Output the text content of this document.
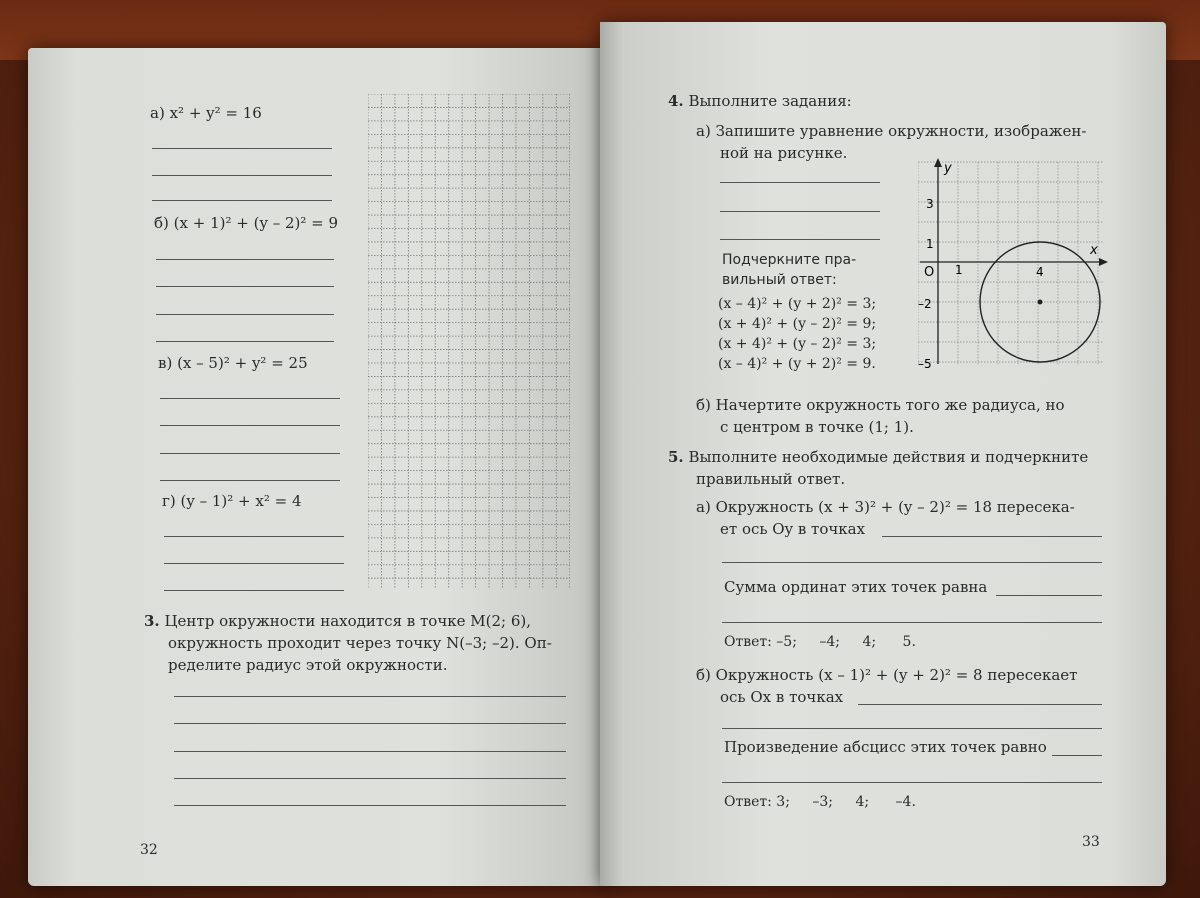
а) x² + y² = 16
б) (x + 1)² + (y – 2)² = 9
в) (x – 5)² + y² = 25
г) (y – 1)² + x² = 4
3. Центр окружности находится в точке M(2; 6),
окружность проходит через точку N(–3; –2). Оп-
ределите радиус этой окружности.
32
4. Выполните задания:
а) Запишите уравнение окружности, изображен-
ной на рисунке.
Подчеркните пра-
вильный ответ:
(x – 4)² + (y + 2)² = 3;
(x + 4)² + (y – 2)² = 9;
(x + 4)² + (y – 2)² = 3;
(x – 4)² + (y + 2)² = 9.
y
x
O
3
1
–2
–5
1	4
б) Начертите окружность того же радиуса, но
с центром в точке (1; 1).
5. Выполните необходимые действия и подчеркните
правильный ответ.
а) Окружность (x + 3)² + (y – 2)² = 18 пересека-
ет ось Oy в точках
Сумма ординат этих точек равна
Ответ: –5; –4; 4; 5.
б) Окружность (x – 1)² + (y + 2)² = 8 пересекает
ось Ox в точках
Произведение абсцисс этих точек равно
Ответ: 3; –3; 4; –4.
33
